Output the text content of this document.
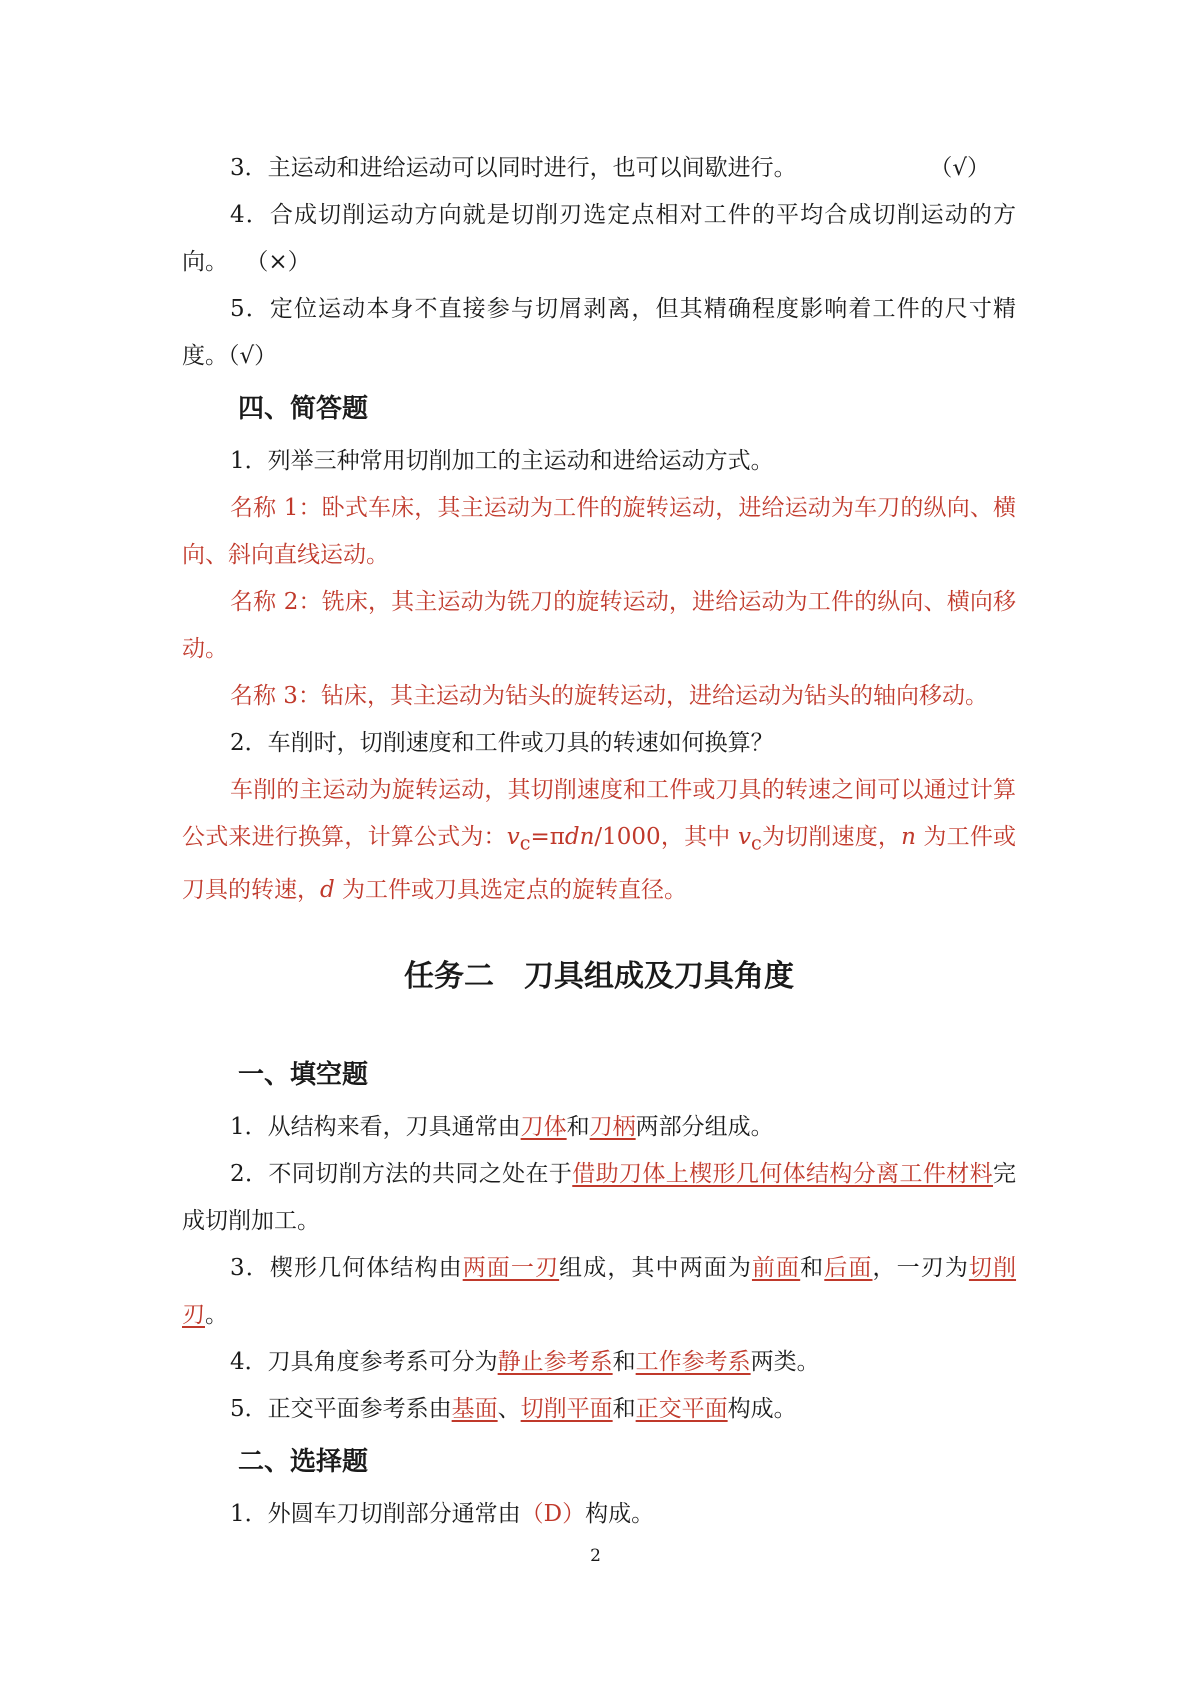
3．主运动和进给运动可以同时进行，也可以间歇进行。	（√）

4．合成切削运动方向就是切削刃选定点相对工件的平均合成切削运动的方向。 （×）

5．定位运动本身不直接参与切屑剥离，但其精确程度影响着工件的尺寸精度。（√）

四、简答题

1．列举三种常用切削加工的主运动和进给运动方式。

名称 1：卧式车床，其主运动为工件的旋转运动，进给运动为车刀的纵向、横向、斜向直线运动。

名称 2：铣床，其主运动为铣刀的旋转运动，进给运动为工件的纵向、横向移动。

名称 3：钻床，其主运动为钻头的旋转运动，进给运动为钻头的轴向移动。

2．车削时，切削速度和工件或刀具的转速如何换算？

车削的主运动为旋转运动，其切削速度和工件或刀具的转速之间可以通过计算公式来进行换算，计算公式为：$v_c=\pi dn/1000$，其中 $v_c$为切削速度，n 为工件或刀具的转速，d 为工件或刀具选定点的旋转直径。

任务二　刀具组成及刀具角度
一、填空题

1．从结构来看，刀具通常由刀体和刀柄两部分组成。

2．不同切削方法的共同之处在于借助刀体上楔形几何体结构分离工件材料完成切削加工。

3．楔形几何体结构由两面一刃组成，其中两面为前面和后面，一刃为切削刃。

4．刀具角度参考系可分为静止参考系和工作参考系两类。

5．正交平面参考系由基面、切削平面和正交平面构成。

二、选择题

1．外圆车刀切削部分通常由（D）构成。

2
